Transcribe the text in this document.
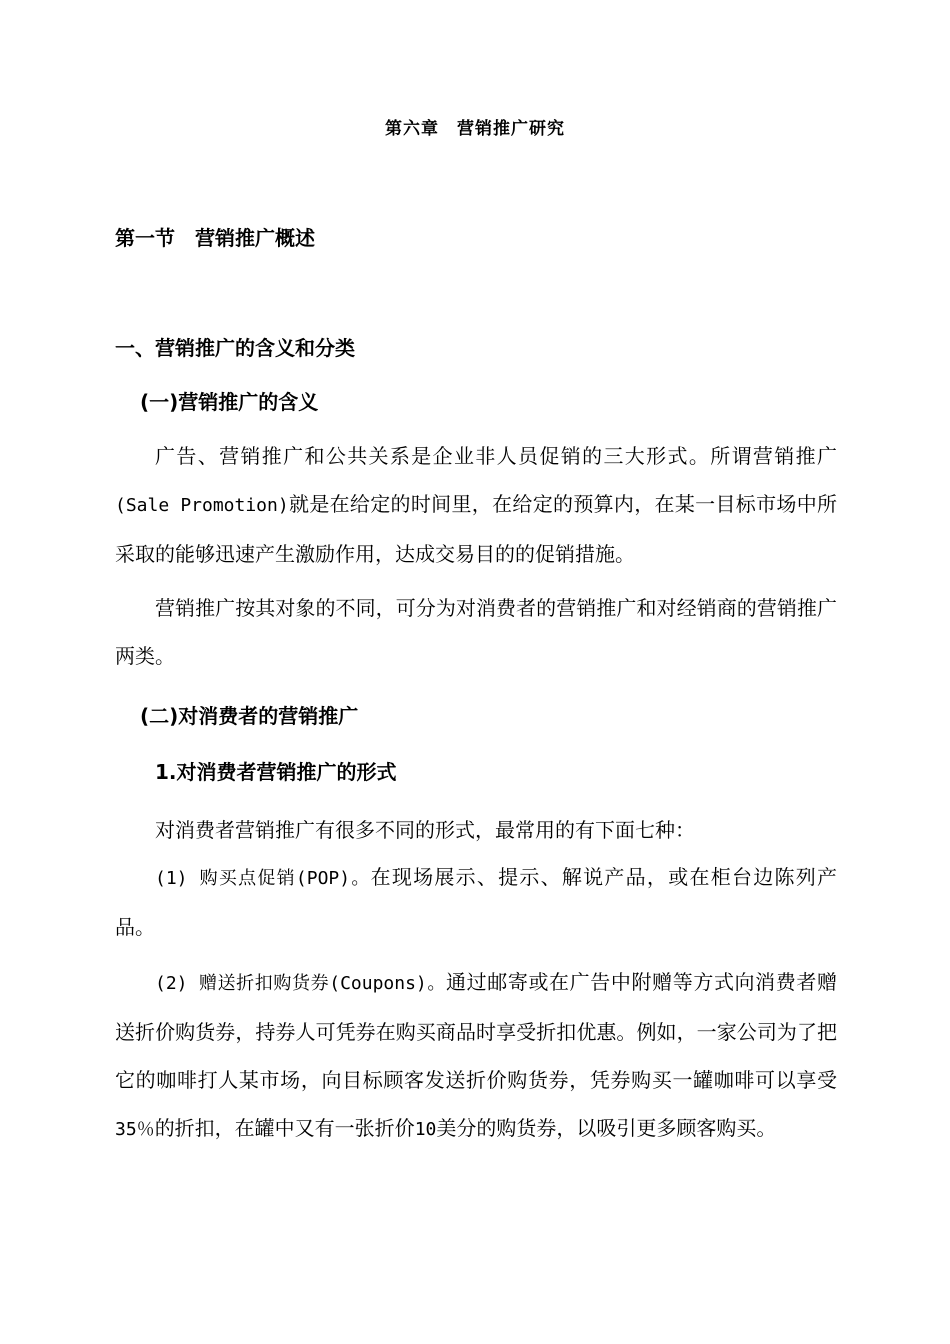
第六章　营销推广研究
第一节　营销推广概述
一、营销推广的含义和分类
(一)营销推广的含义
广告、营销推广和公共关系是企业非人员促销的三大形式。所谓营销推广(Sale Promotion)就是在给定的时间里，在给定的预算内，在某一目标市场中所采取的能够迅速产生激励作用，达成交易目的的促销措施。
营销推广按其对象的不同，可分为对消费者的营销推广和对经销商的营销推广两类。
(二)对消费者的营销推广
1.对消费者营销推广的形式
对消费者营销推广有很多不同的形式，最常用的有下面七种：
(1) 购买点促销(POP)。在现场展示、提示、解说产品，或在柜台边陈列产品。
(2) 赠送折扣购货券(Coupons)。通过邮寄或在广告中附赠等方式向消费者赠送折价购货券，持券人可凭券在购买商品时享受折扣优惠。例如，一家公司为了把它的咖啡打人某市场，向目标顾客发送折价购货券，凭券购买一罐咖啡可以享受35％的折扣，在罐中又有一张折价10美分的购货券，以吸引更多顾客购买。
